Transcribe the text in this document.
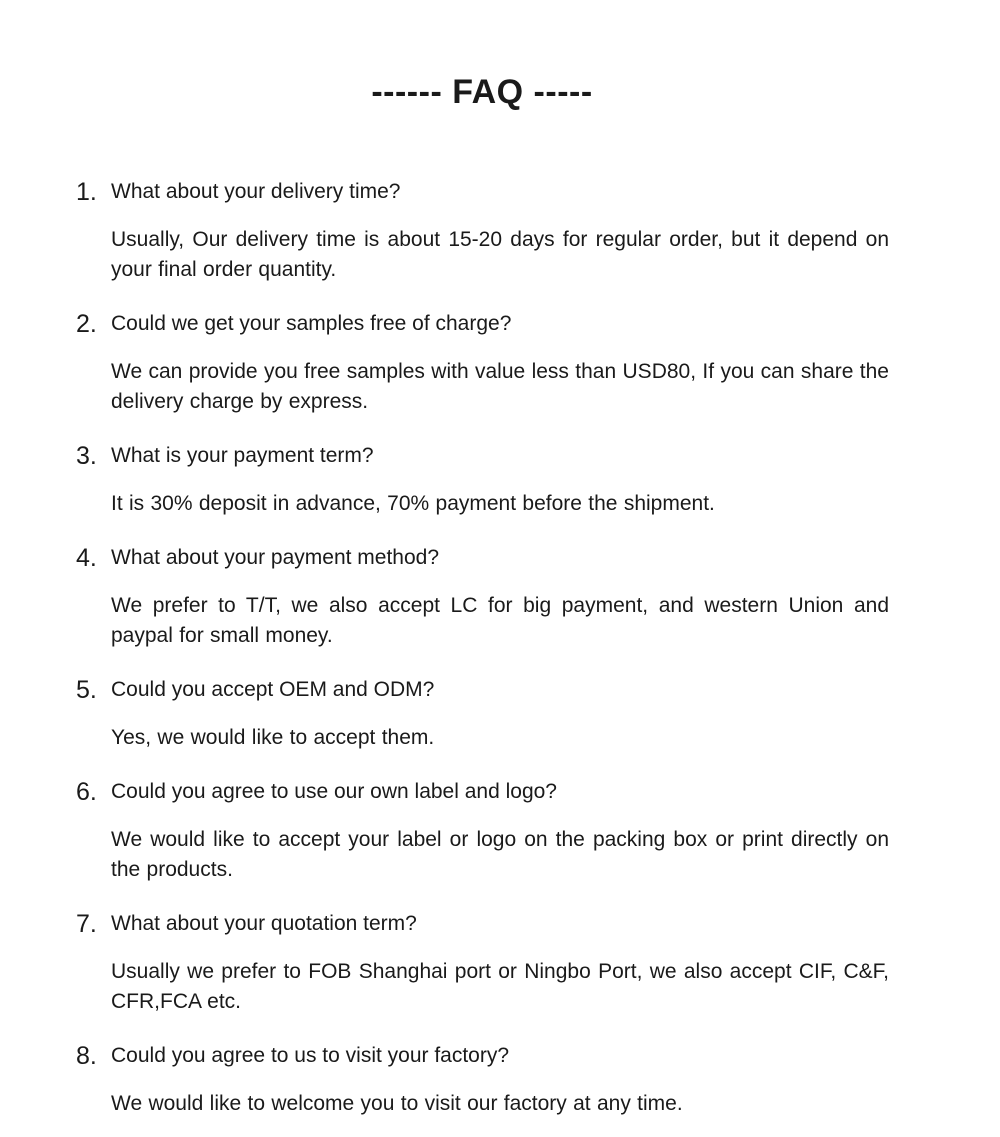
------ FAQ -----
1. What about your delivery time?
Usually, Our delivery time is about 15-20 days for regular order, but it depend on your final order quantity.
2. Could we get your samples free of charge?
We can provide you free samples with value less than USD80, If you can share the delivery charge by express.
3. What is your payment term?
It is 30% deposit in advance, 70% payment before the shipment.
4. What about your payment method?
We prefer to T/T, we also accept LC for big payment, and western Union and paypal for small money.
5. Could you accept OEM and ODM?
Yes, we would like to accept them.
6. Could you agree to use our own label and logo?
We would like to accept your label or logo on the packing box or print directly on the products.
7. What about your quotation term?
Usually we prefer to FOB Shanghai port or Ningbo Port, we also accept CIF, C&F, CFR,FCA etc.
8. Could you agree to us to visit your factory?
We would like to welcome you to visit our factory at any time.
